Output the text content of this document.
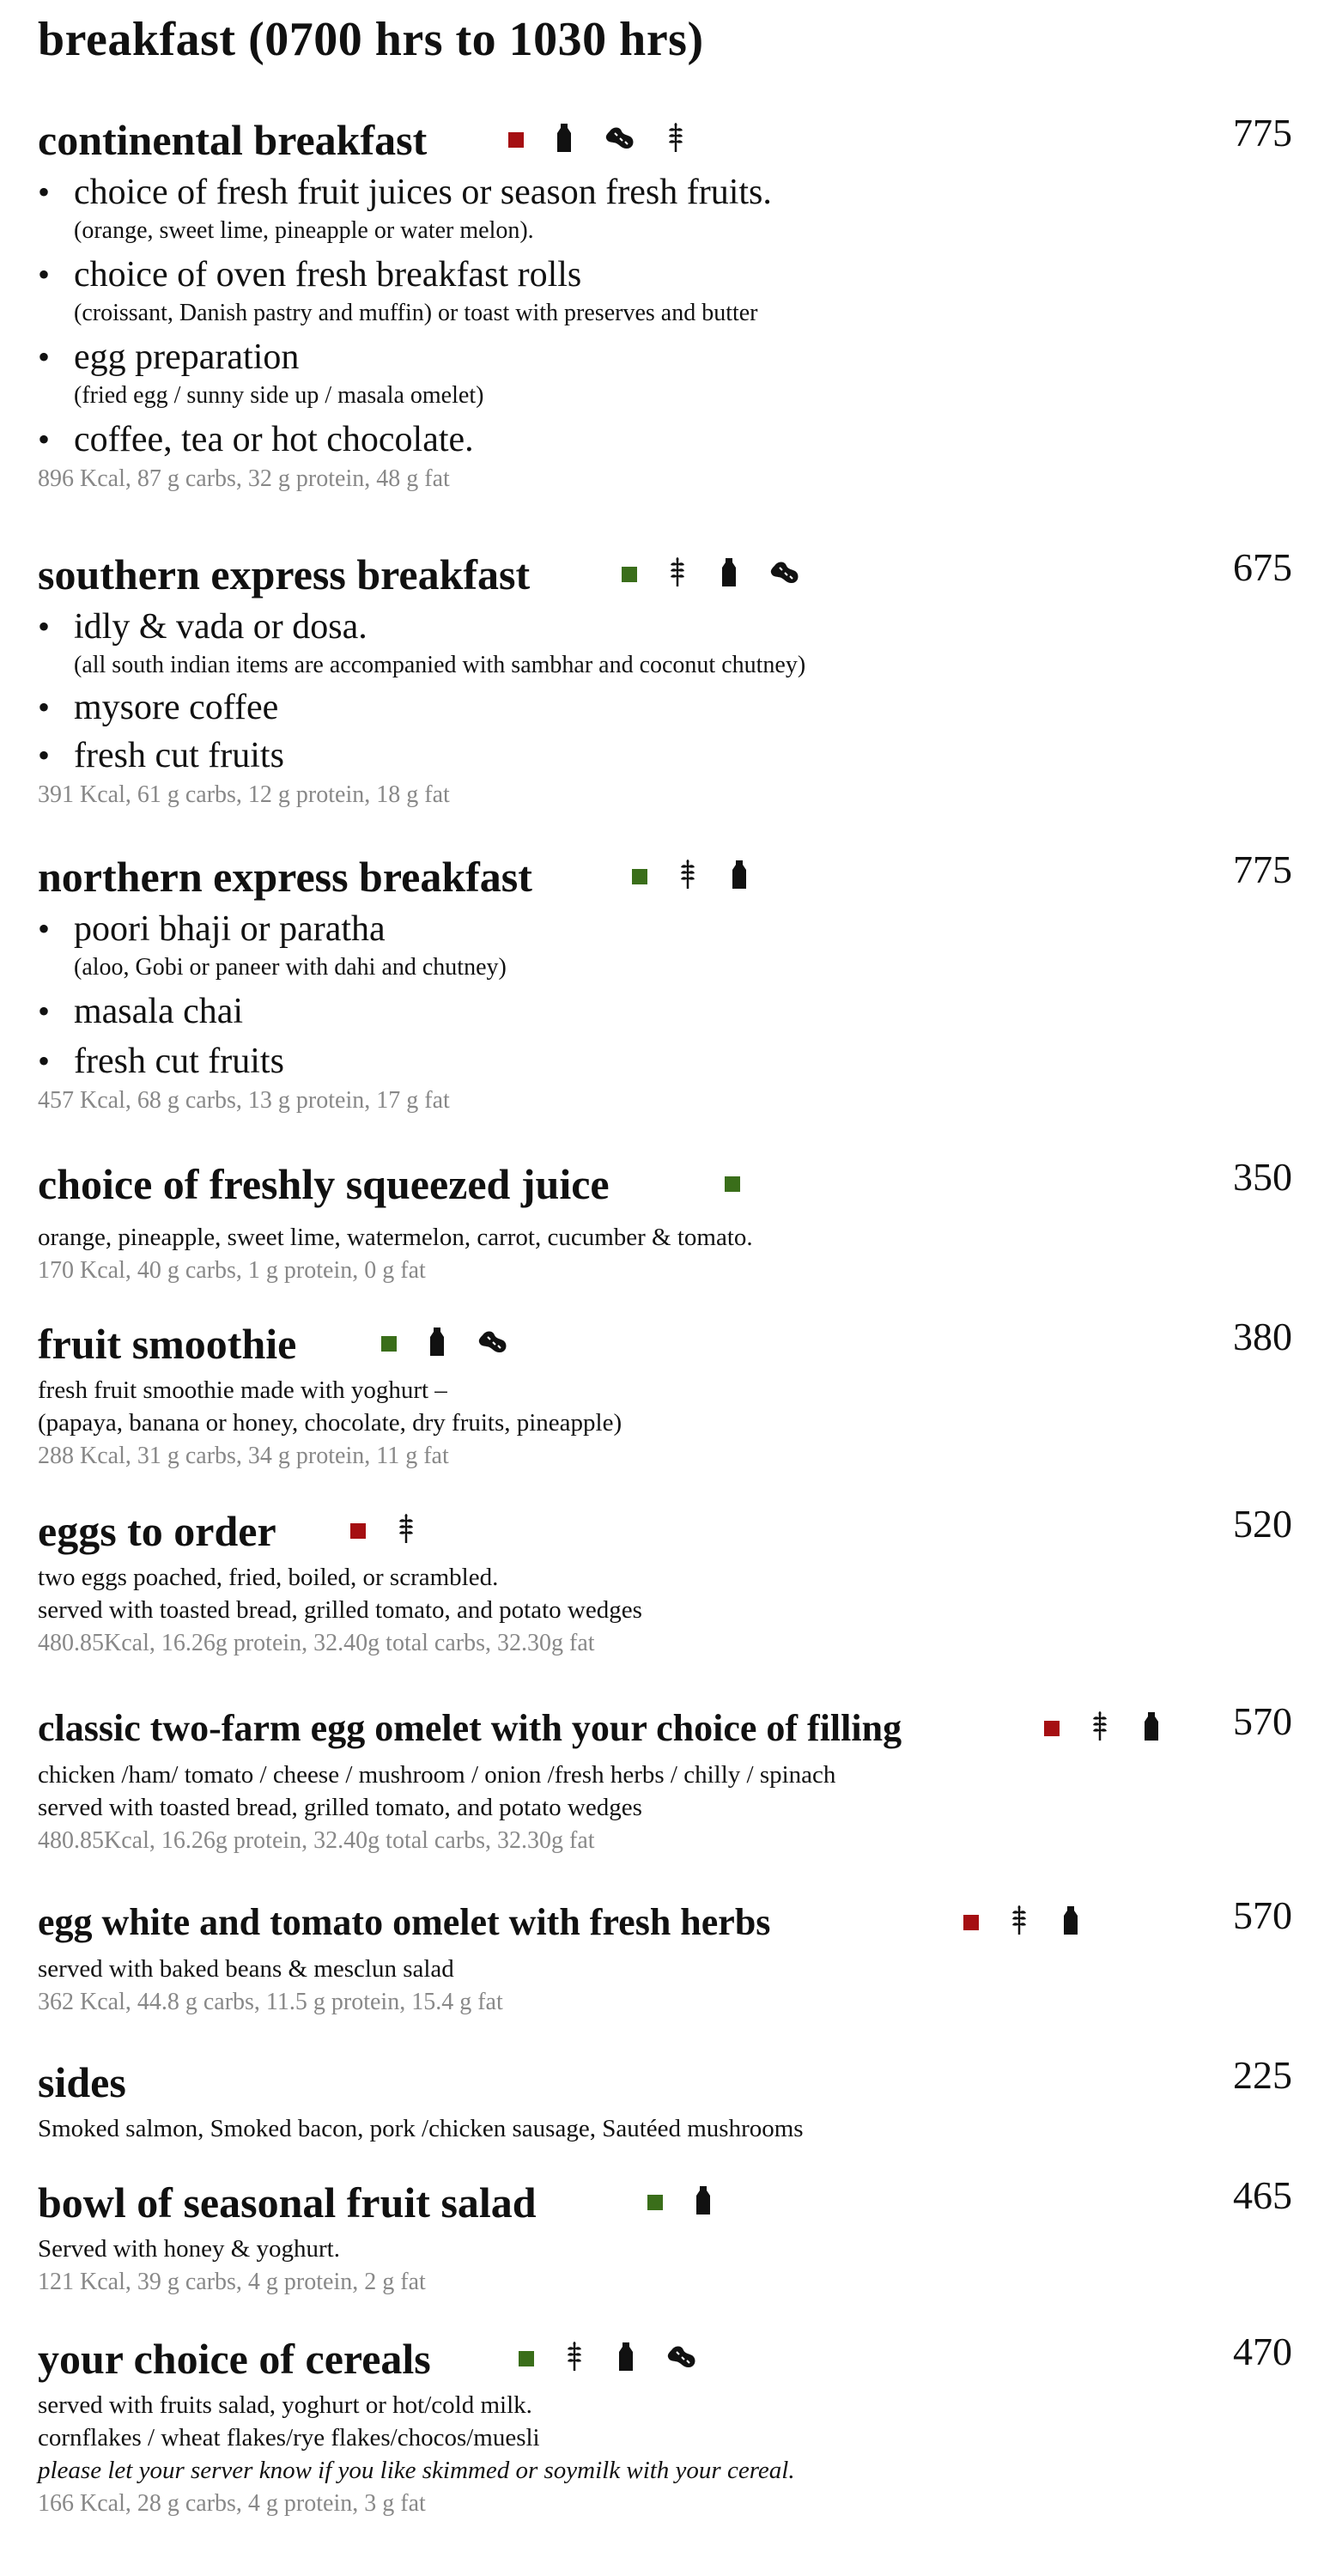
breakfast (0700 hrs to 1030 hrs)
continental breakfast	775
• choice of fresh fruit juices or season fresh fruits.
(orange, sweet lime, pineapple or water melon).
• choice of oven fresh breakfast rolls
(croissant, Danish pastry and muffin) or toast with preserves and butter
• egg preparation
(fried egg / sunny side up / masala omelet)
• coffee, tea or hot chocolate.

896 Kcal, 87 g carbs, 32 g protein, 48 g fat

southern express breakfast	675
• idly & vada or dosa.
(all south indian items are accompanied with sambhar and coconut chutney)
• mysore coffee
• fresh cut fruits

391 Kcal, 61 g carbs, 12 g protein, 18 g fat

northern express breakfast	775
• poori bhaji or paratha
(aloo, Gobi or paneer with dahi and chutney)
• masala chai
• fresh cut fruits

457 Kcal, 68 g carbs, 13 g protein, 17 g fat

choice of freshly squeezed juice	350

orange, pineapple, sweet lime, watermelon, carrot, cucumber & tomato.

170 Kcal, 40 g carbs, 1 g protein, 0 g fat

fruit smoothie	380

fresh fruit smoothie made with yoghurt –

(papaya, banana or honey, chocolate, dry fruits, pineapple)

288 Kcal, 31 g carbs, 34 g protein, 11 g fat

eggs to order	520

two eggs poached, fried, boiled, or scrambled.

served with toasted bread, grilled tomato, and potato wedges

480.85Kcal, 16.26g protein, 32.40g total carbs, 32.30g fat

classic two-farm egg omelet with your choice of filling	570

chicken /ham/ tomato / cheese / mushroom / onion /fresh herbs / chilly / spinach

served with toasted bread, grilled tomato, and potato wedges

480.85Kcal, 16.26g protein, 32.40g total carbs, 32.30g fat

egg white and tomato omelet with fresh herbs	570

served with baked beans & mesclun salad

362 Kcal, 44.8 g carbs, 11.5 g protein, 15.4 g fat

sides	225

Smoked salmon, Smoked bacon, pork /chicken sausage, Sautéed mushrooms

bowl of seasonal fruit salad	465

Served with honey & yoghurt.

121 Kcal, 39 g carbs, 4 g protein, 2 g fat

your choice of cereals	470

served with fruits salad, yoghurt or hot/cold milk.

cornflakes / wheat flakes/rye flakes/chocos/muesli

please let your server know if you like skimmed or soymilk with your cereal.

166 Kcal, 28 g carbs, 4 g protein, 3 g fat
